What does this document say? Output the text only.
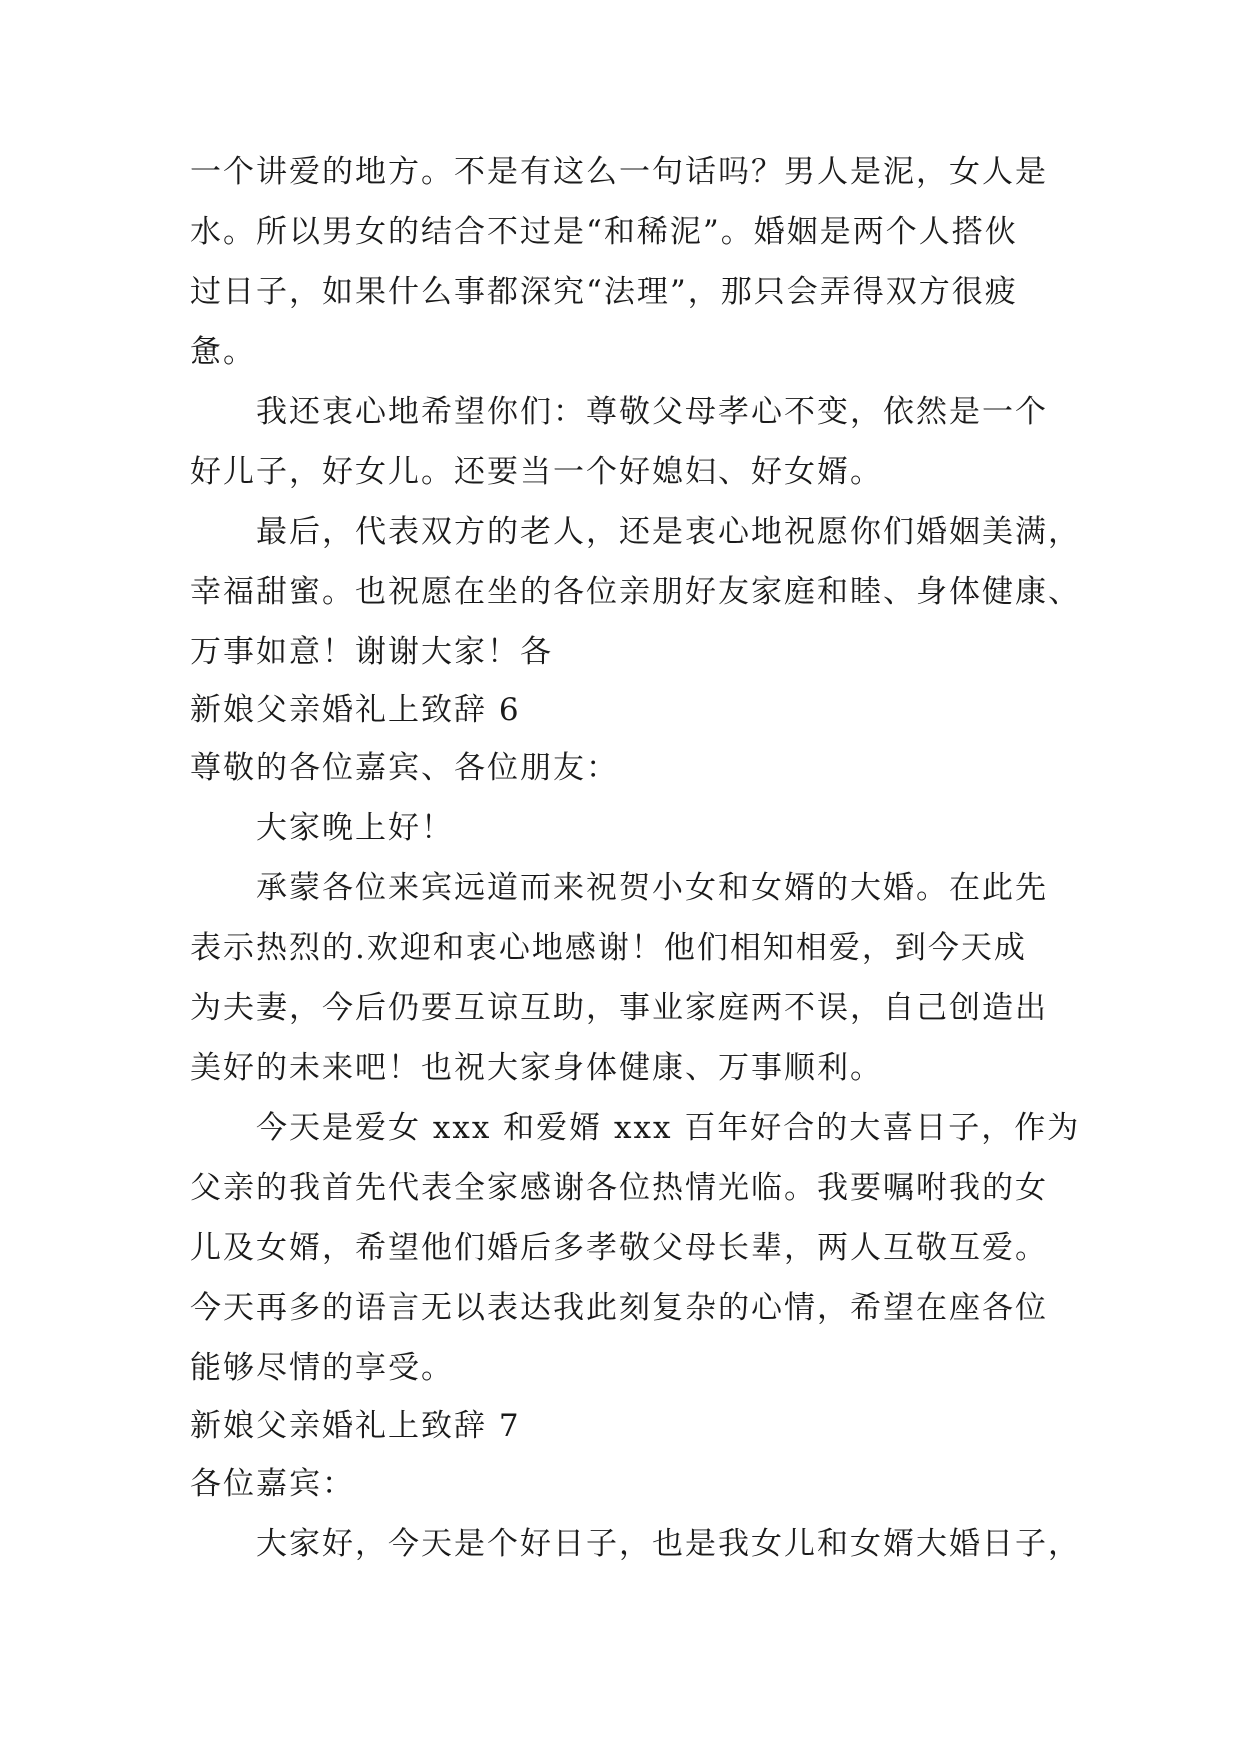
一个讲爱的地方。不是有这么一句话吗？男人是泥，女人是
水。所以男女的结合不过是“和稀泥”。婚姻是两个人搭伙
过日子，如果什么事都深究“法理”，那只会弄得双方很疲
惫。
我还衷心地希望你们：尊敬父母孝心不变，依然是一个
好儿子，好女儿。还要当一个好媳妇、好女婿。
最后，代表双方的老人，还是衷心地祝愿你们婚姻美满，
幸福甜蜜。也祝愿在坐的各位亲朋好友家庭和睦、身体健康、
万事如意！谢谢大家！各
新娘父亲婚礼上致辞 6
尊敬的各位嘉宾、各位朋友：
大家晚上好！
承蒙各位来宾远道而来祝贺小女和女婿的大婚。在此先
表示热烈的.欢迎和衷心地感谢！他们相知相爱，到今天成
为夫妻，今后仍要互谅互助，事业家庭两不误，自己创造出
美好的未来吧！也祝大家身体健康、万事顺利。
今天是爱女 xxx 和爱婿 xxx 百年好合的大喜日子，作为
父亲的我首先代表全家感谢各位热情光临。我要嘱咐我的女
儿及女婿，希望他们婚后多孝敬父母长辈，两人互敬互爱。
今天再多的语言无以表达我此刻复杂的心情，希望在座各位
能够尽情的享受。
新娘父亲婚礼上致辞 7
各位嘉宾：
大家好，今天是个好日子，也是我女儿和女婿大婚日子，
